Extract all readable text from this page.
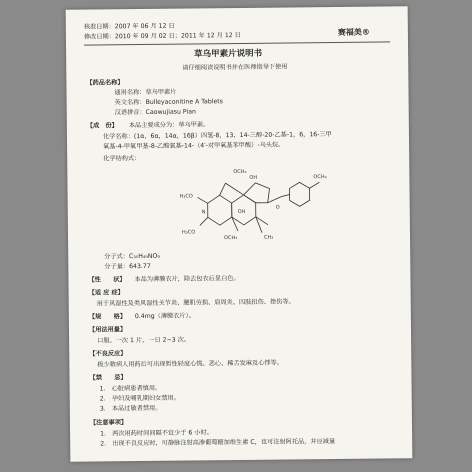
核准日期：2007 年 06 月 12 日
修改日期：2010 年 09 月 02 日；2011 年 12 月 12 日	赛福美®
草乌甲素片说明书
请仔细阅读说明书并在医师指导下使用
【药品名称】
通用名称：草乌甲素片
英文名称：Bulleyaconitine A Tablets
汉语拼音：Caowujiasu Pian
【成　份】 本品主要成分为：草乌甲素。
化学名称：(1α，6α，14α，16β）四氢-8，13，14-三醇-20-乙基-1，6，16-三甲
氧基-4-甲氧甲基-8-乙酸氧基-14-（4′-对甲氧基苯甲酸）-乌头烷。
化学结构式：
OCH₃
OCH₃
H₃CO
OH
O
N	OH
OCH₃	CH₃
H₃CO
分子式：C₃₅H₄₉NO₉
分子量：643.77
【性　　状】 本品为薄膜衣片，除去包衣后显白色。
【适 应 症】
用于风湿性及类风湿性关节炎、腰肌劳损、肩周炎、四肢扭伤、挫伤等。
【规　　格】 0.4mg（薄膜衣片）。
【用法用量】
口服。一次 1 片，一日 2~3 次。
【不良反应】
极少数病人用药后可出现暂性轻度心慌、恶心、稀舌发麻及心悸等。
【禁　　忌】
1.　心脏病患者慎用。
2.　孕妇及哺乳期妇女禁用。
3.　本品过敏者禁用。
【注意事项】
1.　两次用药时间间隔不宜少于 6 小时。
2.　出现不良反应时，可静脉注射高渗葡萄糖加维生素 C，也可注射阿托品，并应减量
